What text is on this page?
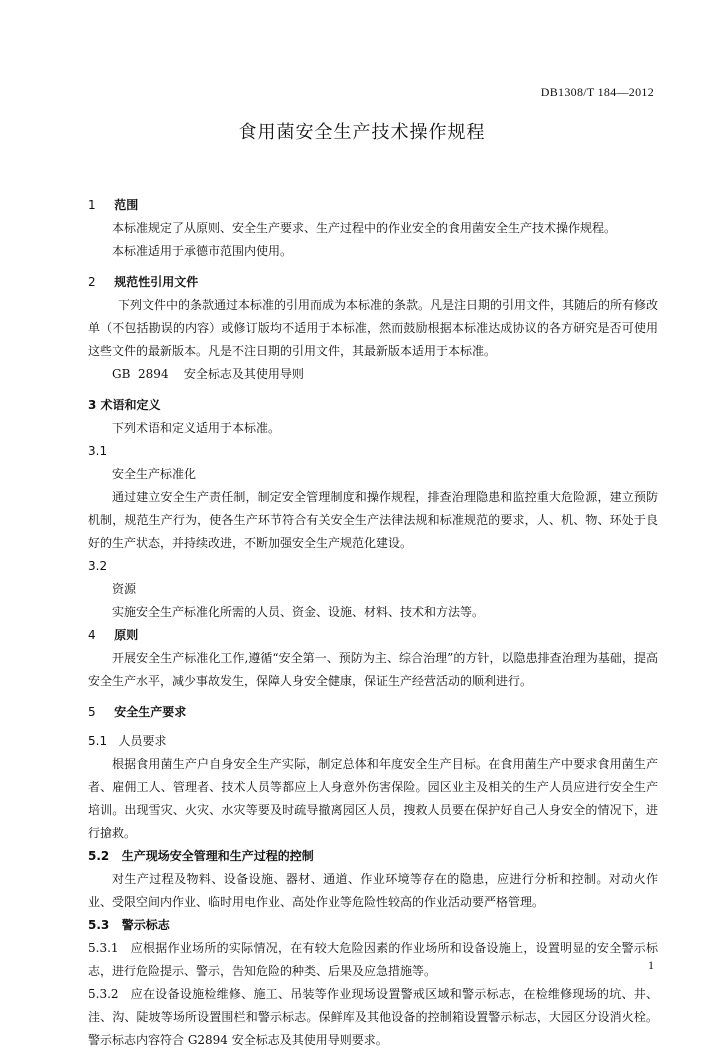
DB1308/T 184—2012
食用菌安全生产技术操作规程
1 范围
本标准规定了从原则、安全生产要求、生产过程中的作业安全的食用菌安全生产技术操作规程。
本标准适用于承德市范围内使用。
2 规范性引用文件
下列文件中的条款通过本标准的引用而成为本标准的条款。凡是注日期的引用文件，其随后的所有修改单（不包括勘误的内容）或修订版均不适用于本标准，然而鼓励根据本标准达成协议的各方研究是否可使用这些文件的最新版本。凡是不注日期的引用文件，其最新版本适用于本标准。
GB  2894    安全标志及其使用导则
3 术语和定义
下列术语和定义适用于本标准。
3.1
安全生产标准化
通过建立安全生产责任制，制定安全管理制度和操作规程，排查治理隐患和监控重大危险源，建立预防机制，规范生产行为，使各生产环节符合有关安全生产法律法规和标准规范的要求，人、机、物、环处于良好的生产状态，并持续改进，不断加强安全生产规范化建设。
3.2
资源
实施安全生产标准化所需的人员、资金、设施、材料、技术和方法等。
4 原则
开展安全生产标准化工作,遵循“安全第一、预防为主、综合治理”的方针，以隐患排查治理为基础，提高安全生产水平，减少事故发生，保障人身安全健康，保证生产经营活动的顺利进行。
5 安全生产要求
5.1   人员要求
根据食用菌生产户自身安全生产实际，制定总体和年度安全生产目标。在食用菌生产中要求食用菌生产者、雇佣工人、管理者、技术人员等都应上人身意外伤害保险。园区业主及相关的生产人员应进行安全生产培训。出现雪灾、火灾、水灾等要及时疏导撤离园区人员，搜救人员要在保护好自己人身安全的情况下，进行搶救。
5.2   生产现场安全管理和生产过程的控制
对生产过程及物料、设备设施、器材、通道、作业环境等存在的隐患，应进行分析和控制。对动火作业、受限空间内作业、临时用电作业、高处作业等危险性较高的作业活动要严格管理。
5.3   警示标志
5.3.1   应根据作业场所的实际情况，在有较大危险因素的作业场所和设备设施上，设置明显的安全警示标志，进行危险提示、警示，告知危险的种类、后果及应急措施等。
5.3.2   应在设备设施检维修、施工、吊装等作业现场设置警戒区域和警示标志，在检维修现场的坑、井、洼、沟、陡坡等场所设置围栏和警示标志。保鲜库及其他设备的控制箱设置警示标志，大园区分设消火栓。警示标志内容符合 G2894 安全标志及其使用导则要求。
1
